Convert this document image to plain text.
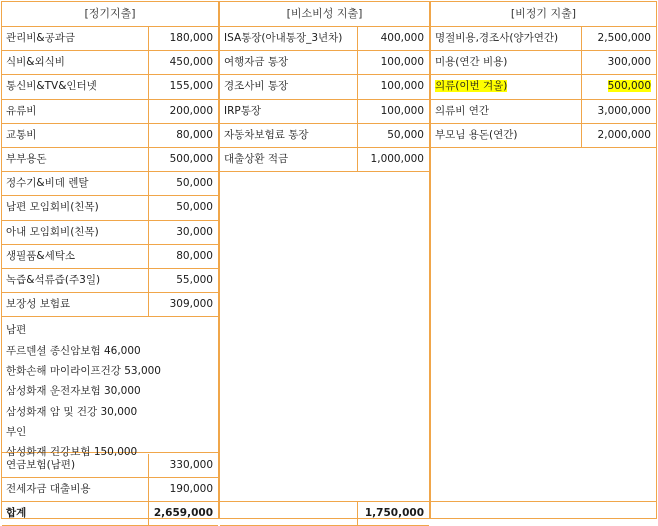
[정기지출]
관리비&공과금	180,000
식비&외식비	450,000
통신비&TV&인터넷	155,000
유류비	200,000
교통비	80,000
부부용돈	500,000
정수기&비데 렌탈	50,000
남편 모임회비(친목)	50,000
아내 모임회비(친목)	30,000
생필품&세탁소	80,000
녹즙&석류즙(주3일)	55,000
보장성 보험료	309,000
남편
푸르덴셜 종신암보험 46,000
한화손해 마이라이프건강 53,000
삼성화재 운전자보험 30,000
삼성화재 암 및 건강 30,000
부인
삼성화재 건강보험 150,000
연금보험(남편)	330,000
전세자금 대출비용	190,000
합계	2,659,000
[비소비성 지출]
ISA통장(아내통장_3년차)	400,000
여행자금 통장	100,000
경조사비 통장	100,000
IRP통장	100,000
자동차보험료 통장	50,000
대출상환 적금	1,000,000
1,750,000
[비정기 지출]
명절비용,경조사(양가연간)	2,500,000
미용(연간 비용)	300,000
의류(이번 겨울)	500,000
의류비 연간	3,000,000
부모님 용돈(연간)	2,000,000
